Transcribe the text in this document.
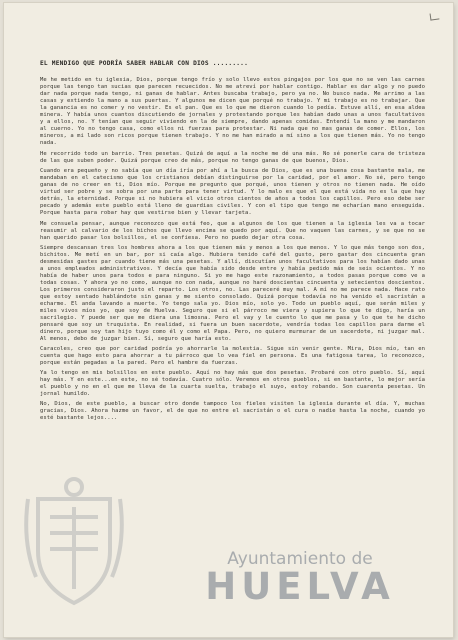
EL MENDIGO QUE PODRÍA SABER HABLAR CON DIOS .........

Me he metido en tu iglesia, Dios, porque tengo frío y solo llevo estos pingajos por los que no se ven las carnes porque las tengo tan sucias que parecen recuecidos. No me atreví por hablar contigo. Hablar es dar algo y no puedo dar nada porque nada tengo, ni ganas de hablar. Antes buscaba trabajo, pero ya no. No busco nada. Me arrimo a las casas y extiendo la mano a sus puertas. Y algunos me dicen que porqué no trabajo. Y mi trabajo es no trabajar. Que la ganancia es no comer y no vestir. Es el pan. Que es lo que me dieron cuando lo pedía. Estuve allí, en esa aldea minera. Y había unos cuantos discutiendo de jornales y protestando porque les habían dado unas a unos facultativos y a ellos, no. Y tenían que seguir viviendo en la de siempre, dando apenas comidas. Entendí la mano y me mandaron al cuerno. Yo no tengo casa, como ellos ni fuerzas para protestar. Ni nada que no mas ganas de comer. Ellos, los mineros, a mi lado son ricos porque tienen trabajo. Y no me han mirado a mí sino a los que tienen más. Yo no tengo nada.

He recorrido todo un barrio. Tres pesetas. Quizá de aquí a la noche me dé una más. No sé ponerle cara de tristeza de las que suben poder. Quizá porque creo de más, porque no tengo ganas de que buenos, Dios.

Cuando era pequeño y no sabía que un día iría por ahí a la busca de Dios, que es una buena cosa bastante mala, me mandaban en el catecismo que los cristianos debían distinguirse por la caridad, por el amor. No sé, pero tengo ganas de no creer en ti, Dios mío. Porque me pregunto que porqué, unos tienen y otros no tienen nada. He oído virtud ser pobre y se sobra por una parte para tener virtud. Y lo malo es que el que está vida no es la que hay detrás, la eternidad. Porque si no hubiera el vicio otros cientos de años a todos los capillos. Pero eso debe ser pecado y además este pueblo está lleno de guardias civiles. Y con el tipo que tengo me echarían mano enseguida. Porque hasta para robar hay que vestirse bien y llevar tarjeta.

Me consuela pensar, aunque reconozco que está feo, que a algunos de los que tienen a la iglesia les va a tocar reasumir al calvario de los bichos que llevo encima se quedo por aquí. Que no vaquen las carnes, y se que no se han querido pasar los bolsillos, el se confiesa. Pero no puedo dejar otra cosa.

Siempre descansan tres los hombres ahora a los que tienen más y menos a los que menos. Y lo que más tengo son dos, bichitos. Me metí en un bar, por si caía algo. Hubiera tenido café del gusto, pero gastar dos cincuenta gran desmesidas gastes par cuando tiene más una pesetas. Y allí, discutían unos facultativos para los habían dado unas a unos empleados administrativos. Y decía que había sido desde entre y había pedido más de seis ocientos. Y no había de haber unos para todos e para ninguno. Si yo me hago este razonamiento, a todos pasas porque como ve a todas cosas. Y ahora yo no como, aunque no con nada, aunque no haré doscientas cincuenta y setecientos doscientos. Los primeros consideraron justo el reparto. Los otros, no. Las pareceré muy mal. A mí no me parece nada. Hace rato que estoy sentado hablándote sin ganas y me siento consolado. Quizá porque todavía no ha venido el sacristán a echarme. El anda lavando a muerte. Yo tengo sala yo. Dios mío, solo yo. Todo un pueblo aquí, que serán miles y miles vivos míos yo, que soy de Huelva. Seguro que si el párroco me viera y supiera lo que te digo, haría un sacrilegio. Y puede ser que me diera una limosna. Pero el vay y le cuento lo que me pasa y lo que te he dicho pensaré que soy un truquista. En realidad, si fuera un buen sacerdote, vendría todas los capillos para darme el dinero, porque soy tan hijo tuyo como él y como el Papa. Pero, no quiero murmurar de un sacerdote, ni juzgar mal. Al menos, debo de juzgar bien. Sí, seguro que haría esto.

Caracoles, creo que por caridad podría yo ahorrarle la molestia. Sigue sin venir gente. Mira, Dios mío, tan en cuenta que hago esto para ahorrar a tu párroco que lo vea fiel en persona. Es una fatigosa tarea, lo reconozco, porque están pegadas a la pared. Pero el hambre da fuerzas.

Ya lo tengo en mis bolsillos en este pueblo. Aquí no hay más que dos pesetas. Probaré con otro pueblo. Sí, aquí hay más. Y en este...en este, no sé todavía. Cuatro sólo. Veremos en otros pueblos, si en bastante, lo mejor sería el pueblo y no en el que me lleva de la cuarta suelta, trabajo el suyo, estoy robando. Son cuarenta pesetas. Un jornal humildo.

No, Dios, de este pueblo, a buscar otro donde tampoco los fieles visiten la iglesia durante el día. Y, muchas gracias, Dios. Ahora hazme un favor, el de que no entre el sacristán o el cura o nadie hasta la noche, cuando yo esté bastante lejos....

Ayuntamiento de
HUELVA
